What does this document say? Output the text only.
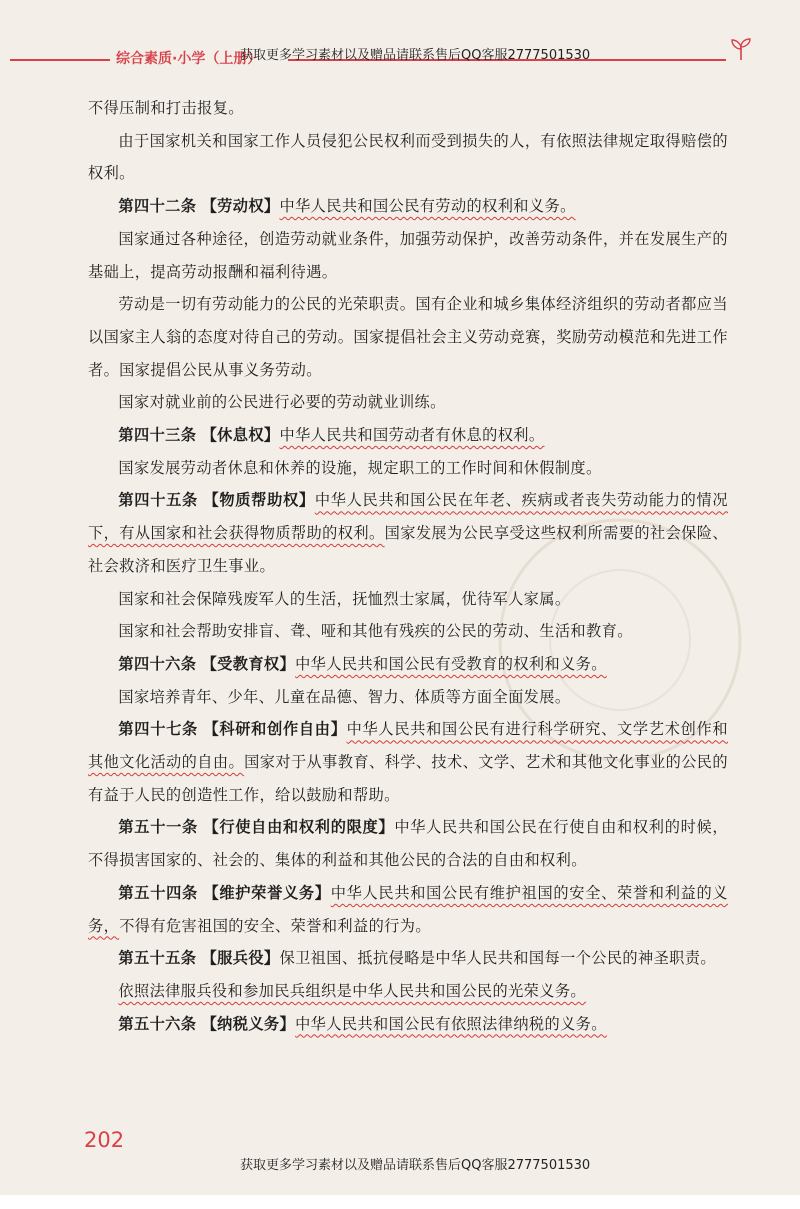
综合素质·小学（上册）
获取更多学习素材以及赠品请联系售后QQ客服2777501530

不得压制和打击报复。

由于国家机关和国家工作人员侵犯公民权利而受到损失的人，有依照法律规定取得赔偿的权利。

第四十二条 【劳动权】中华人民共和国公民有劳动的权利和义务。

国家通过各种途径，创造劳动就业条件，加强劳动保护，改善劳动条件，并在发展生产的基础上，提高劳动报酬和福利待遇。

劳动是一切有劳动能力的公民的光荣职责。国有企业和城乡集体经济组织的劳动者都应当以国家主人翁的态度对待自己的劳动。国家提倡社会主义劳动竞赛，奖励劳动模范和先进工作者。国家提倡公民从事义务劳动。

国家对就业前的公民进行必要的劳动就业训练。

第四十三条 【休息权】中华人民共和国劳动者有休息的权利。

国家发展劳动者休息和休养的设施，规定职工的工作时间和休假制度。

第四十五条 【物质帮助权】中华人民共和国公民在年老、疾病或者丧失劳动能力的情况下，有从国家和社会获得物质帮助的权利。国家发展为公民享受这些权利所需要的社会保险、社会救济和医疗卫生事业。

国家和社会保障残废军人的生活，抚恤烈士家属，优待军人家属。

国家和社会帮助安排盲、聋、哑和其他有残疾的公民的劳动、生活和教育。

第四十六条 【受教育权】中华人民共和国公民有受教育的权利和义务。

国家培养青年、少年、儿童在品德、智力、体质等方面全面发展。

第四十七条 【科研和创作自由】中华人民共和国公民有进行科学研究、文学艺术创作和其他文化活动的自由。国家对于从事教育、科学、技术、文学、艺术和其他文化事业的公民的有益于人民的创造性工作，给以鼓励和帮助。

第五十一条 【行使自由和权利的限度】中华人民共和国公民在行使自由和权利的时候，不得损害国家的、社会的、集体的利益和其他公民的合法的自由和权利。

第五十四条 【维护荣誉义务】中华人民共和国公民有维护祖国的安全、荣誉和利益的义务，不得有危害祖国的安全、荣誉和利益的行为。

第五十五条 【服兵役】保卫祖国、抵抗侵略是中华人民共和国每一个公民的神圣职责。

依照法律服兵役和参加民兵组织是中华人民共和国公民的光荣义务。

第五十六条 【纳税义务】中华人民共和国公民有依照法律纳税的义务。

202
获取更多学习素材以及赠品请联系售后QQ客服2777501530
